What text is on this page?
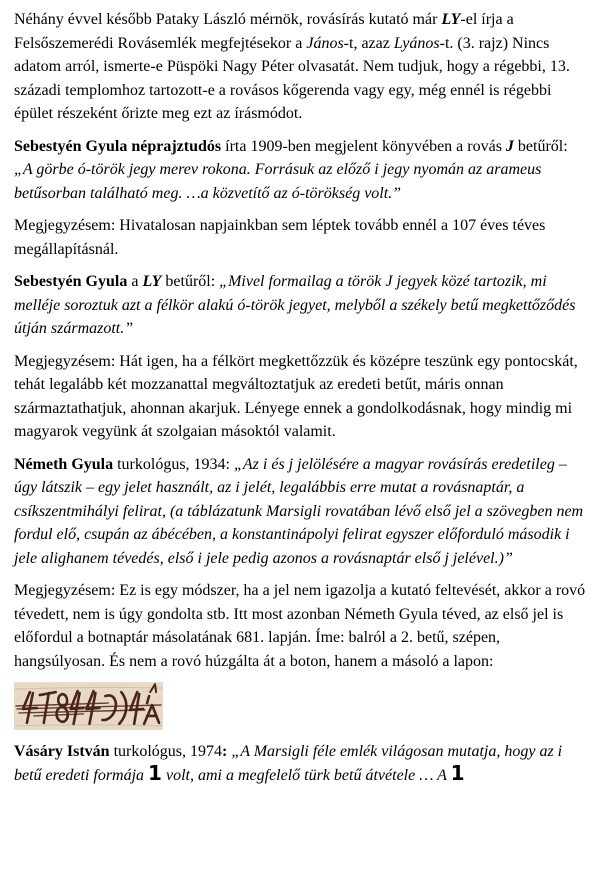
Néhány évvel később Pataky László mérnök, rovásírás kutató már LY-el írja a Felsőszemerédi Rovásemlék megfejtésekor a János-t, azaz Lyános-t. (3. rajz) Nincs adatom arról, ismerte-e Püspöki Nagy Péter olvasatát. Nem tudjuk, hogy a régebbi, 13. századi templomhoz tartozott-e a rovásos kőgerenda vagy egy, még ennél is régebbi épület részeként őrizte meg ezt az írásmódot.

Sebestyén Gyula néprajztudós írta 1909-ben megjelent könyvében a rovás J betűről: „A görbe ó-török jegy merev rokona. Forrásuk az előző i jegy nyomán az arameus betűsorban található meg. …a közvetítő az ó-törökség volt.”

Megjegyzésem: Hivatalosan napjainkban sem léptek tovább ennél a 107 éves téves megállapításnál.

Sebestyén Gyula a LY betűről: „Mivel formailag a török J jegyek közé tartozik, mi melléje soroztuk azt a félkör alakú ó-török jegyet, melyből a székely betű megkettőződés útján származott.”

Megjegyzésem: Hát igen, ha a félkört megkettőzzük és középre teszünk egy pontocskát, tehát legalább két mozzanattal megváltoztatjuk az eredeti betűt, máris onnan származtathatjuk, ahonnan akarjuk. Lényege ennek a gondolkodásnak, hogy mindig mi magyarok vegyünk át szolgaian másoktól valamit.

Németh Gyula turkológus, 1934: „Az i és j jelölésére a magyar rovásírás eredetileg – úgy látszik – egy jelet használt, az i jelét, legalábbis erre mutat a rovásnaptár, a csíkszentmihályi felirat, (a táblázatunk Marsigli rovatában lévő első jel a szövegben nem fordul elő, csupán az ábécében, a konstantinápolyi felirat egyszer előforduló második i jele alighanem tévedés, első i jele pedig azonos a rovásnaptár első j jelével.)”

Megjegyzésem: Ez is egy módszer, ha a jel nem igazolja a kutató feltevését, akkor a rovó tévedett, nem is úgy gondolta stb. Itt most azonban Németh Gyula téved, az első jel is előfordul a botnaptár másolatának 681. lapján. Íme: balról a 2. betű, szépen, hangsúlyosan. És nem a rovó húzgálta át a boton, hanem a másoló a lapon:

Vásáry István turkológus, 1974: „A Marsigli féle emlék világosan mutatja, hogy az i betű eredeti formája 1 volt, ami a megfelelő türk betű átvétele … A 1
